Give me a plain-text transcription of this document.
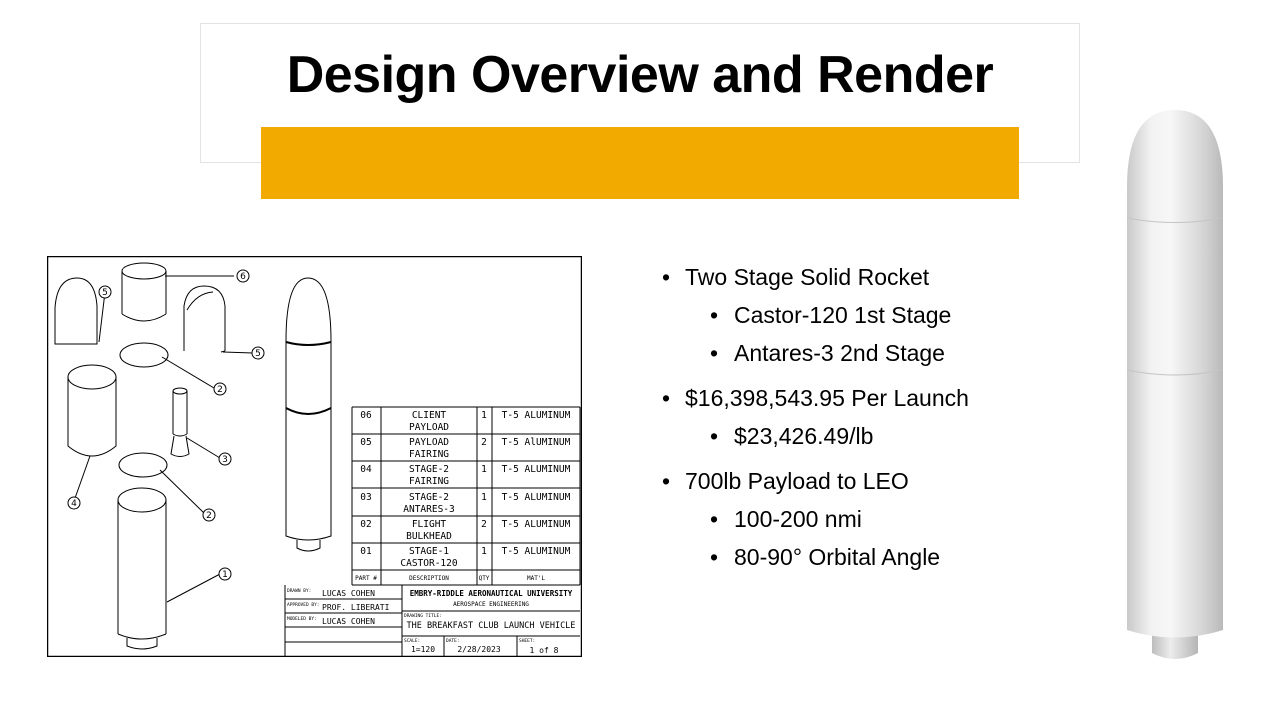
Design Overview and Render
6
5
5
2
3
4
2
1
06	CLIENT
PAYLOAD
1 T-5 ALUMINUM
05	PAYLOAD
FAIRING
2 T-5 AlUMINUM
04	STAGE-2
FAIRING
1 T-5 ALUMINUM
03	STAGE-2
ANTARES-3
1 T-5 ALUMINUM
02	FLIGHT
BULKHEAD
2 T-5 ALUMINUM
01	STAGE-1
CASTOR-120
1 T-5 ALUMINUM
PART #	DESCRIPTION	QTY	MAT'L
DRAWN BY: LUCAS COHEN
APPROVED BY: PROF. LIBERATI
MODELED BY: LUCAS COHEN
EMBRY-RIDDLE AERONAUTICAL UNIVERSITY
AEROSPACE ENGINEERING
DRAWING TITLE:
THE BREAKFAST CLUB LAUNCH VEHICLE
SCALE:
1=120
DATE:
2/28/2023
SHEET:
1 of 8
• Two Stage Solid Rocket
• Castor-120 1st Stage
• Antares-3 2nd Stage
• $16,398,543.95 Per Launch
• $23,426.49/lb
• 700lb Payload to LEO
• 100-200 nmi
• 80-90° Orbital Angle
